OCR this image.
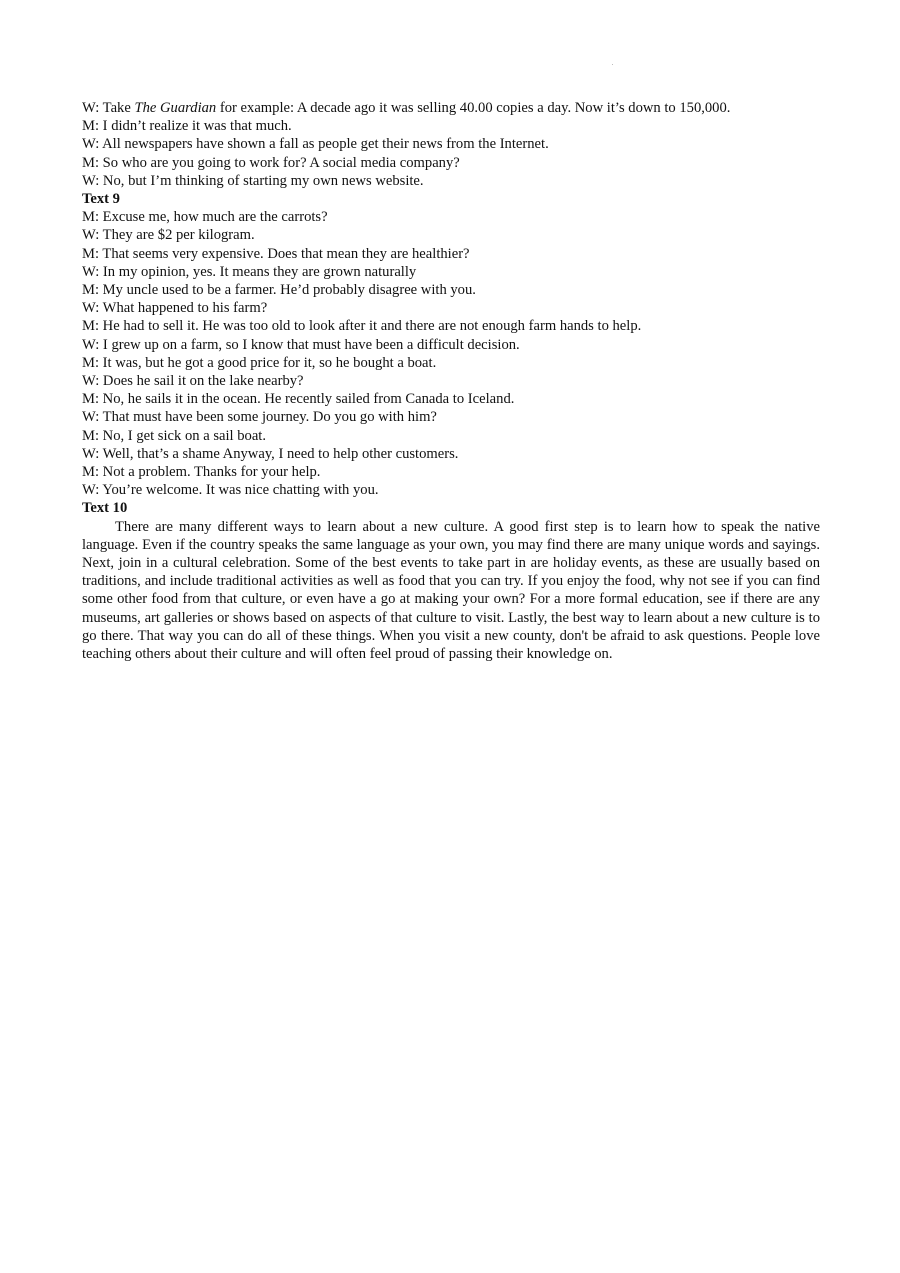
W: Take The Guardian for example: A decade ago it was selling 40.00 copies a day. Now it’s down to 150,000.
M: I didn’t realize it was that much.
W: All newspapers have shown a fall as people get their news from the Internet.
M: So who are you going to work for? A social media company?
W: No, but I’m thinking of starting my own news website.
Text 9
M: Excuse me, how much are the carrots?
W: They are $2 per kilogram.
M: That seems very expensive. Does that mean they are healthier?
W: In my opinion, yes. It means they are grown naturally
M: My uncle used to be a farmer. He’d probably disagree with you.
W: What happened to his farm?
M: He had to sell it. He was too old to look after it and there are not enough farm hands to help.
W: I grew up on a farm, so I know that must have been a difficult decision.
M: It was, but he got a good price for it, so he bought a boat.
W: Does he sail it on the lake nearby?
M: No, he sails it in the ocean. He recently sailed from Canada to Iceland.
W: That must have been some journey. Do you go with him?
M: No, I get sick on a sail boat.
W: Well, that’s a shame Anyway, I need to help other customers.
M: Not a problem. Thanks for your help.
W: You’re welcome. It was nice chatting with you.
Text 10

There are many different ways to learn about a new culture. A good first step is to learn how to speak the native language. Even if the country speaks the same language as your own, you may find there are many unique words and sayings. Next, join in a cultural celebration. Some of the best events to take part in are holiday events, as these are usually based on traditions, and include traditional activities as well as food that you can try. If you enjoy the food, why not see if you can find some other food from that culture, or even have a go at making your own? For a more formal education, see if there are any museums, art galleries or shows based on aspects of that culture to visit. Lastly, the best way to learn about a new culture is to go there. That way you can do all of these things. When you visit a new county, don't be afraid to ask questions. People love teaching others about their culture and will often feel proud of passing their knowledge on.
